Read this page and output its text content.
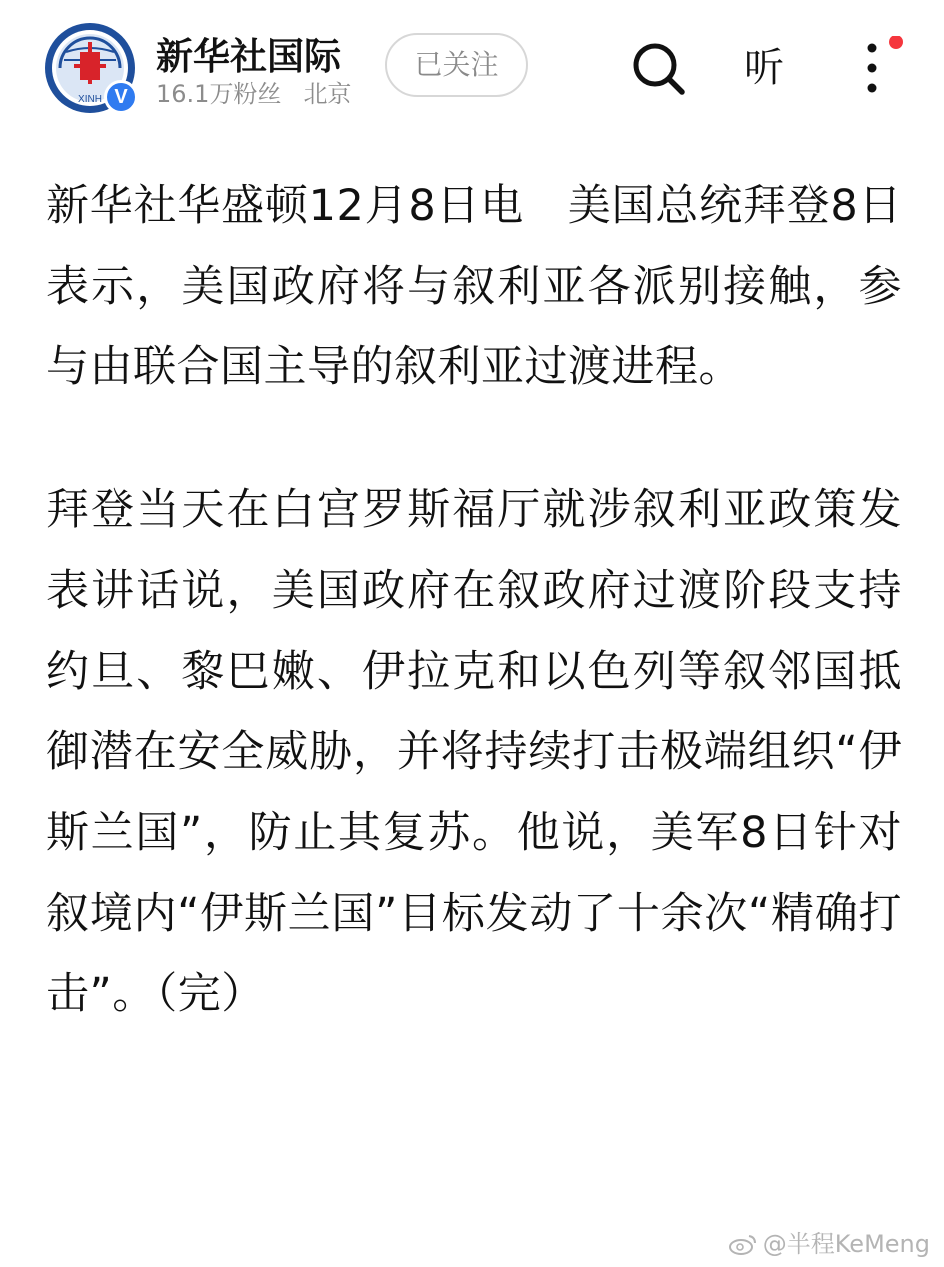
XINH V
新华社国际
16.1万粉丝 北京
已关注	听

新华社华盛顿12月8日电　美国总统拜登8日表示，美国政府将与叙利亚各派别接触，参与由联合国主导的叙利亚过渡进程。

拜登当天在白宫罗斯福厅就涉叙利亚政策发表讲话说，美国政府在叙政府过渡阶段支持约旦、黎巴嫩、伊拉克和以色列等叙邻国抵御潜在安全威胁，并将持续打击极端组织“伊斯兰国”，防止其复苏。他说，美军8日针对叙境内“伊斯兰国”目标发动了十余次“精确打击”。（完）

@半程KeMeng
